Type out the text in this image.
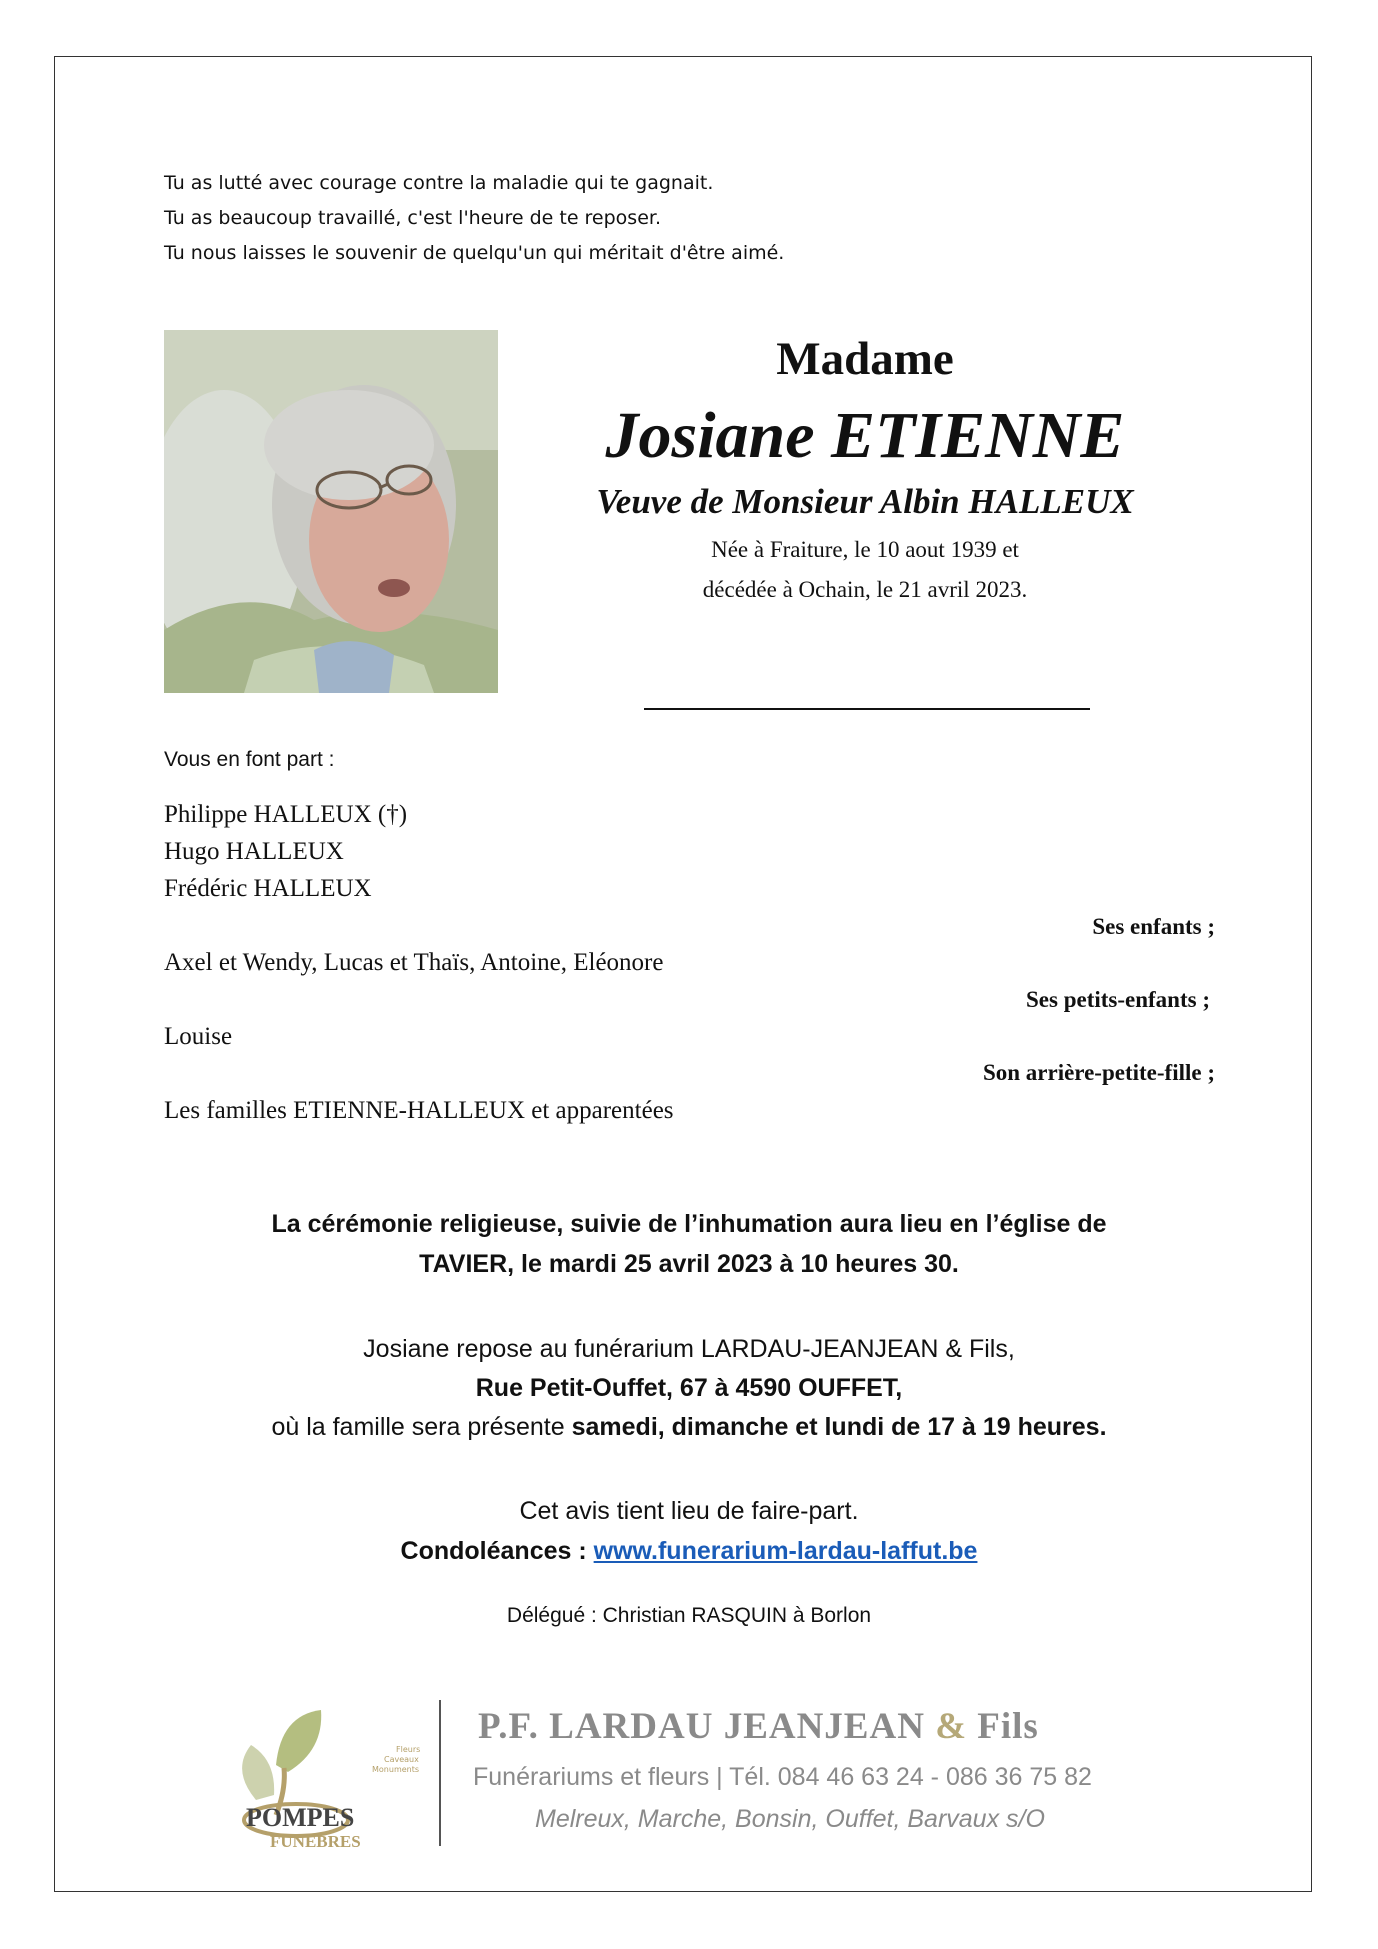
Tu as lutté avec courage contre la maladie qui te gagnait.
Tu as beaucoup travaillé, c'est l'heure de te reposer.
Tu nous laisses le souvenir de quelqu'un qui méritait d'être aimé.
Madame
Josiane ETIENNE
Veuve de Monsieur Albin HALLEUX
Née à Fraiture, le 10 aout 1939 et
décédée à Ochain, le 21 avril 2023.
Vous en font part :
Philippe HALLEUX (†)
Hugo HALLEUX
Frédéric HALLEUX
Ses enfants ;
Axel et Wendy, Lucas et Thaïs, Antoine, Eléonore
Ses petits-enfants ;
Louise
Son arrière-petite-fille ;
Les familles ETIENNE-HALLEUX et apparentées
La cérémonie religieuse, suivie de l’inhumation aura lieu en l’église de
TAVIER, le mardi 25 avril 2023 à 10 heures 30.
Josiane repose au funérarium LARDAU-JEANJEAN & Fils,
Rue Petit-Ouffet, 67 à 4590 OUFFET,
où la famille sera présente samedi, dimanche et lundi de 17 à 19 heures.
Cet avis tient lieu de faire-part.
Condoléances : www.funerarium-lardau-laffut.be
Délégué : Christian RASQUIN à Borlon
POMPES
FUNEBRES
Fleurs
Caveaux
Monuments
P.F. LARDAU JEANJEAN & Fils
Funérariums et fleurs | Tél. 084 46 63 24 - 086 36 75 82
Melreux, Marche, Bonsin, Ouffet, Barvaux s/O
